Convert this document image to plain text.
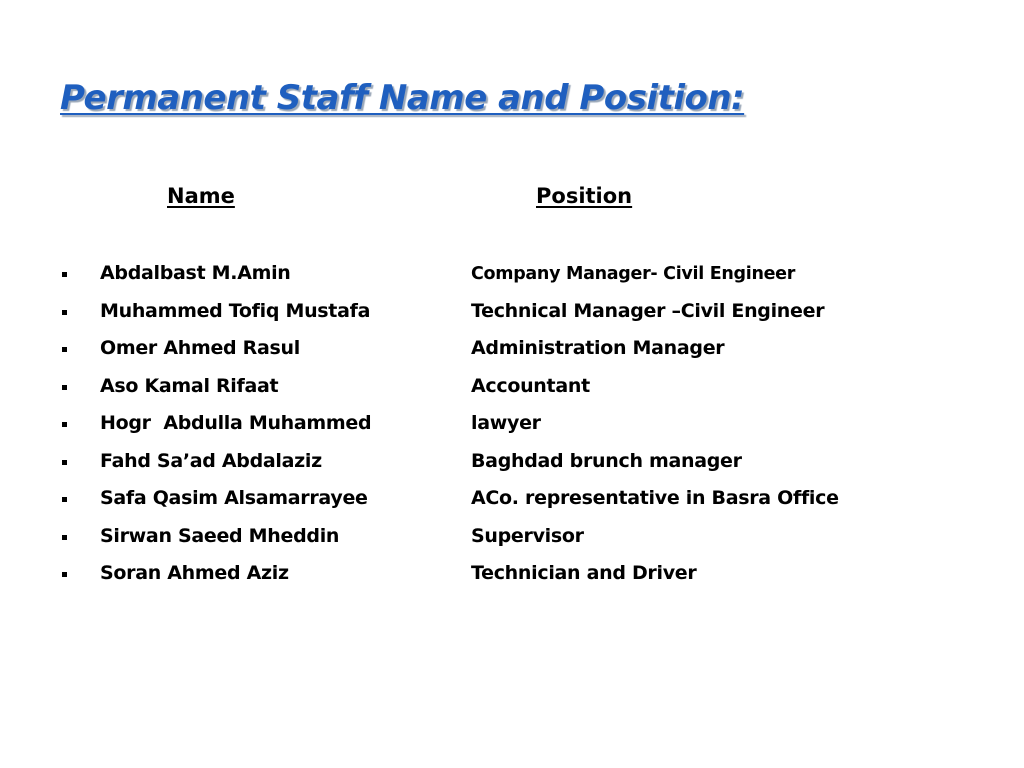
Permanent Staff Name and Position:
Name	Position
Abdalbast M.Amin	Company Manager- Civil Engineer
Muhammed Tofiq Mustafa	Technical Manager –Civil Engineer
Omer Ahmed Rasul	Administration Manager
Aso Kamal Rifaat	Accountant
Hogr  Abdulla Muhammed	lawyer
Fahd Sa’ad Abdalaziz	Baghdad brunch manager
Safa Qasim Alsamarrayee	ACo. representative in Basra Office
Sirwan Saeed Mheddin	Supervisor
Soran Ahmed Aziz	Technician and Driver
